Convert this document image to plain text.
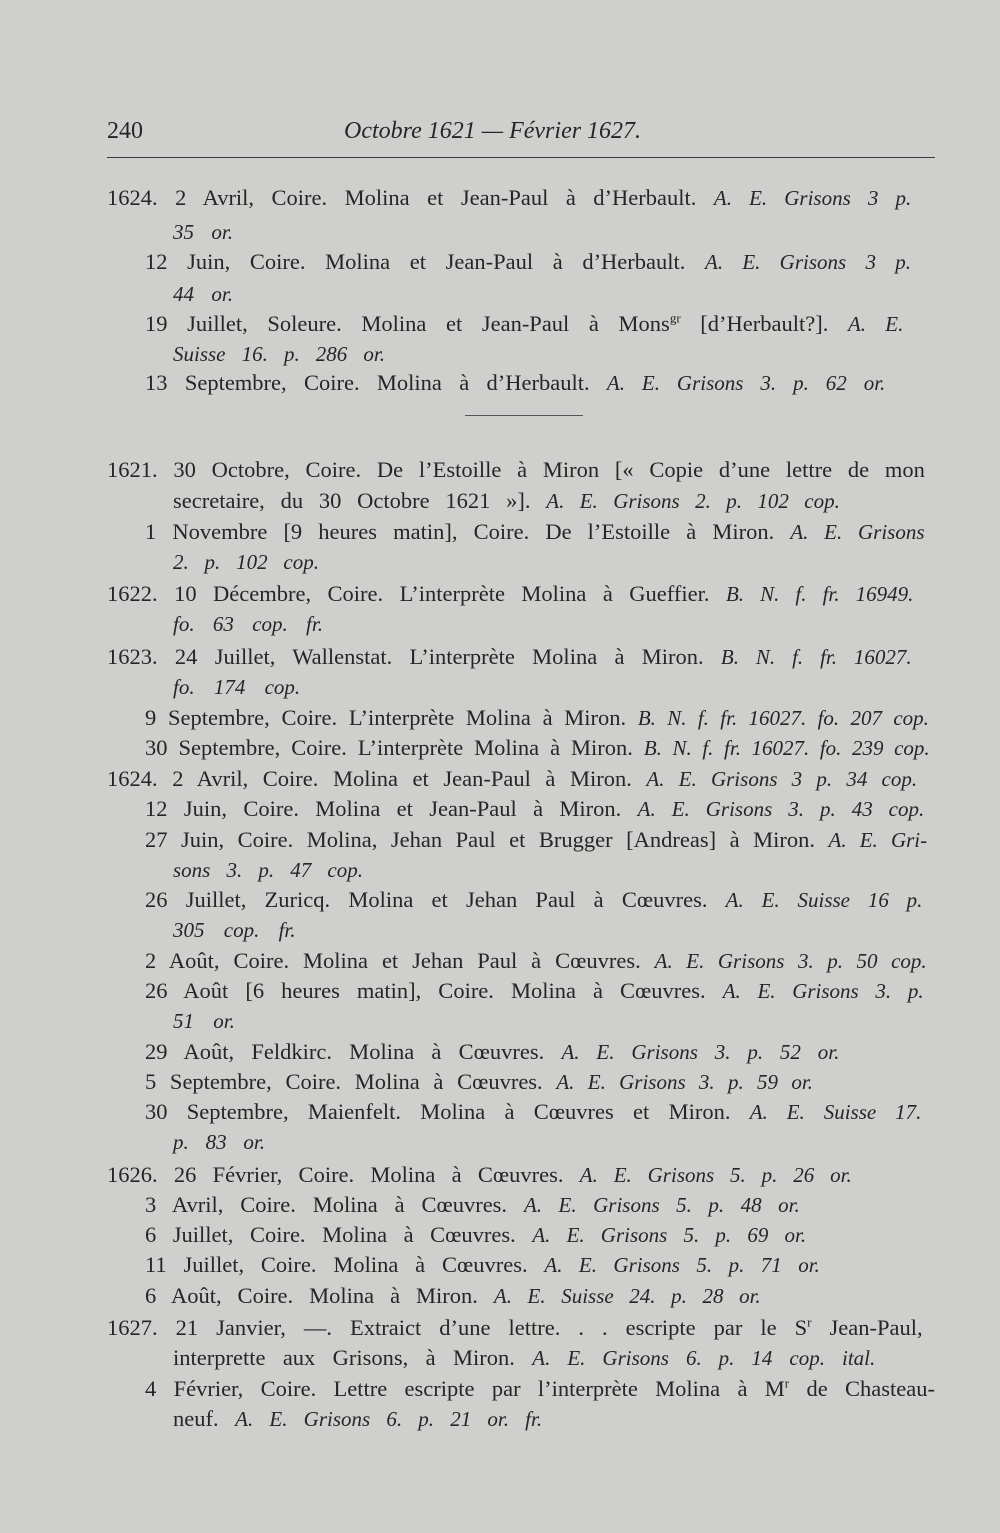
240	Octobre 1621 — Février 1627.
1624. 2 Avril, Coire. Molina et Jean-Paul à d’Herbault. A. E. Grisons 3 p.
35 or.
12 Juin, Coire. Molina et Jean-Paul à d’Herbault. A. E. Grisons 3 p.
44 or.
19 Juillet, Soleure. Molina et Jean-Paul à Mons$^{gr}$ [d’Herbault?]. A. E.
Suisse 16. p. 286 or.
13 Septembre, Coire. Molina à d’Herbault. A. E. Grisons 3. p. 62 or.
1621. 30 Octobre, Coire. De l’Estoille à Miron [« Copie d’une lettre de mon
secretaire, du 30 Octobre 1621 »]. A. E. Grisons 2. p. 102 cop.
1 Novembre [9 heures matin], Coire. De l’Estoille à Miron. A. E. Grisons
2. p. 102 cop.
1622. 10 Décembre, Coire. L’interprète Molina à Gueffier. B. N. f. fr. 16949.
fo. 63 cop. fr.
1623. 24 Juillet, Wallenstat. L’interprète Molina à Miron. B. N. f. fr. 16027.
fo. 174 cop.
9 Septembre, Coire. L’interprète Molina à Miron. B. N. f. fr. 16027. fo. 207 cop.
30 Septembre, Coire. L’interprète Molina à Miron. B. N. f. fr. 16027. fo. 239 cop.
1624. 2 Avril, Coire. Molina et Jean-Paul à Miron. A. E. Grisons 3 p. 34 cop.
12 Juin, Coire. Molina et Jean-Paul à Miron. A. E. Grisons 3. p. 43 cop.
27 Juin, Coire. Molina, Jehan Paul et Brugger [Andreas] à Miron. A. E. Gri-
sons 3. p. 47 cop.
26 Juillet, Zuricq. Molina et Jehan Paul à Cœuvres. A. E. Suisse 16 p.
305 cop. fr.
2 Août, Coire. Molina et Jehan Paul à Cœuvres. A. E. Grisons 3. p. 50 cop.
26 Août [6 heures matin], Coire. Molina à Cœuvres. A. E. Grisons 3. p.
51 or.
29 Août, Feldkirc. Molina à Cœuvres. A. E. Grisons 3. p. 52 or.
5 Septembre, Coire. Molina à Cœuvres. A. E. Grisons 3. p. 59 or.
30 Septembre, Maienfelt. Molina à Cœuvres et Miron. A. E. Suisse 17.
p. 83 or.
1626. 26 Février, Coire. Molina à Cœuvres. A. E. Grisons 5. p. 26 or.
3 Avril, Coire. Molina à Cœuvres. A. E. Grisons 5. p. 48 or.
6 Juillet, Coire. Molina à Cœuvres. A. E. Grisons 5. p. 69 or.
11 Juillet, Coire. Molina à Cœuvres. A. E. Grisons 5. p. 71 or.
6 Août, Coire. Molina à Miron. A. E. Suisse 24. p. 28 or.
1627. 21 Janvier, —. Extraict d’une lettre. . . escripte par le $S^r$ Jean-Paul,
interprette aux Grisons, à Miron. A. E. Grisons 6. p. 14 cop. ital.
4 Février, Coire. Lettre escripte par l’interprète Molina à $M^r$ de Chasteau-
neuf. A. E. Grisons 6. p. 21 or. fr.
